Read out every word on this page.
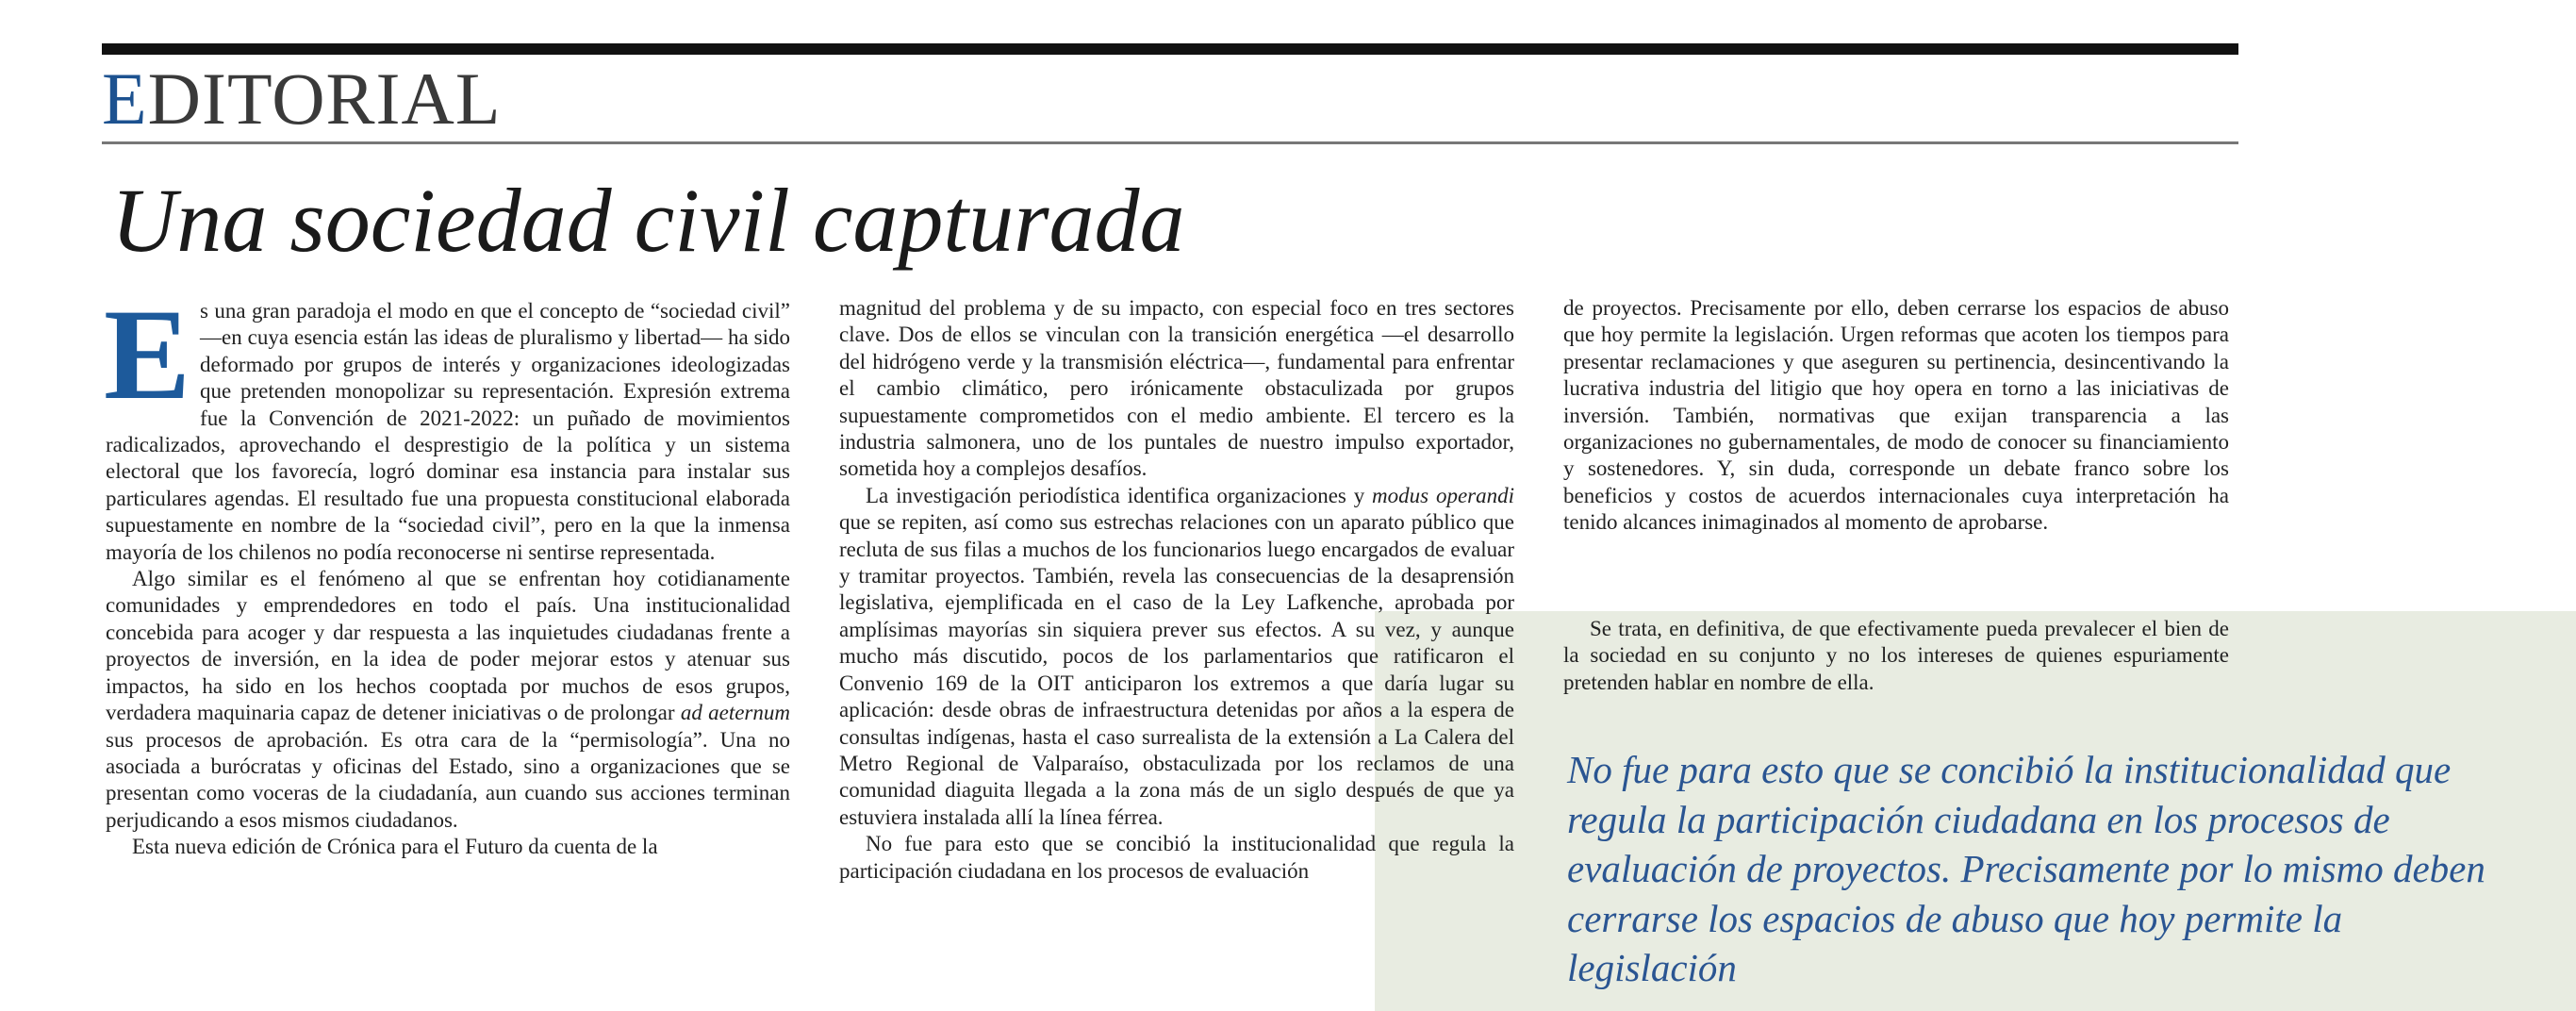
EDITORIAL
Una sociedad civil capturada

Es una gran paradoja el modo en que el concepto de “sociedad civil” —en cuya esencia están las ideas de pluralismo y libertad— ha sido deformado por grupos de interés y organizaciones ideologizadas que pretenden monopolizar su representación. Expresión extrema fue la Convención de 2021-2022: un puñado de movimientos radicalizados, aprovechando el desprestigio de la política y un sistema electoral que los favorecía, logró dominar esa instancia para instalar sus particulares agendas. El resultado fue una propuesta constitucional elaborada supuestamente en nombre de la “sociedad civil”, pero en la que la inmensa mayoría de los chilenos no podía reconocerse ni sentirse representada.

Algo similar es el fenómeno al que se enfrentan hoy cotidianamente comunidades y emprendedores en todo el país. Una institucionalidad concebida para acoger y dar respuesta a las inquietudes ciudadanas frente a proyectos de inversión, en la idea de poder mejorar estos y atenuar sus impactos, ha sido en los hechos cooptada por muchos de esos grupos, verdadera maquinaria capaz de detener iniciativas o de prolongar ad aeternum sus procesos de aprobación. Es otra cara de la “permisología”. Una no asociada a burócratas y oficinas del Estado, sino a organizaciones que se presentan como voceras de la ciudadanía, aun cuando sus acciones terminan perjudicando a esos mismos ciudadanos.

Esta nueva edición de Crónica para el Futuro da cuenta de la

magnitud del problema y de su impacto, con especial foco en tres sectores clave. Dos de ellos se vinculan con la transición energética —el desarrollo del hidrógeno verde y la transmisión eléctrica—, fundamental para enfrentar el cambio climático, pero irónicamente obstaculizada por grupos supuestamente comprometidos con el medio ambiente. El tercero es la industria salmonera, uno de los puntales de nuestro impulso exportador, sometida hoy a complejos desafíos.

La investigación periodística identifica organizaciones y modus operandi que se repiten, así como sus estrechas relaciones con un aparato público que recluta de sus filas a muchos de los funcionarios luego encargados de evaluar y tramitar proyectos. También, revela las consecuencias de la desaprensión legislativa, ejemplificada en el caso de la Ley Lafkenche, aprobada por amplísimas mayorías sin siquiera prever sus efectos. A su vez, y aunque mucho más discutido, pocos de los parlamentarios que ratificaron el Convenio 169 de la OIT anticiparon los extremos a que daría lugar su aplicación: desde obras de infraestructura detenidas por años a la espera de consultas indígenas, hasta el caso surrealista de la extensión a La Calera del Metro Regional de Valparaíso, obstaculizada por los reclamos de una comunidad diaguita llegada a la zona más de un siglo después de que ya estuviera instalada allí la línea férrea.

No fue para esto que se concibió la institucionalidad que regula la participación ciudadana en los procesos de evaluación

de proyectos. Precisamente por ello, deben cerrarse los espacios de abuso que hoy permite la legislación. Urgen reformas que acoten los tiempos para presentar reclamaciones y que aseguren su pertinencia, desincentivando la lucrativa industria del litigio que hoy opera en torno a las iniciativas de inversión. También, normativas que exijan transparencia a las organizaciones no gubernamentales, de modo de conocer su financiamiento y sostenedores. Y, sin duda, corresponde un debate franco sobre los beneficios y costos de acuerdos internacionales cuya interpretación ha tenido alcances inimaginados al momento de aprobarse.

Se trata, en definitiva, de que efectivamente pueda prevalecer el bien de la sociedad en su conjunto y no los intereses de quienes espuriamente pretenden hablar en nombre de ella.

No fue para esto que se concibió la institucionalidad que regula la participación ciudadana en los procesos de evaluación de proyectos. Precisamente por lo mismo deben cerrarse los espacios de abuso que hoy permite la legislación
